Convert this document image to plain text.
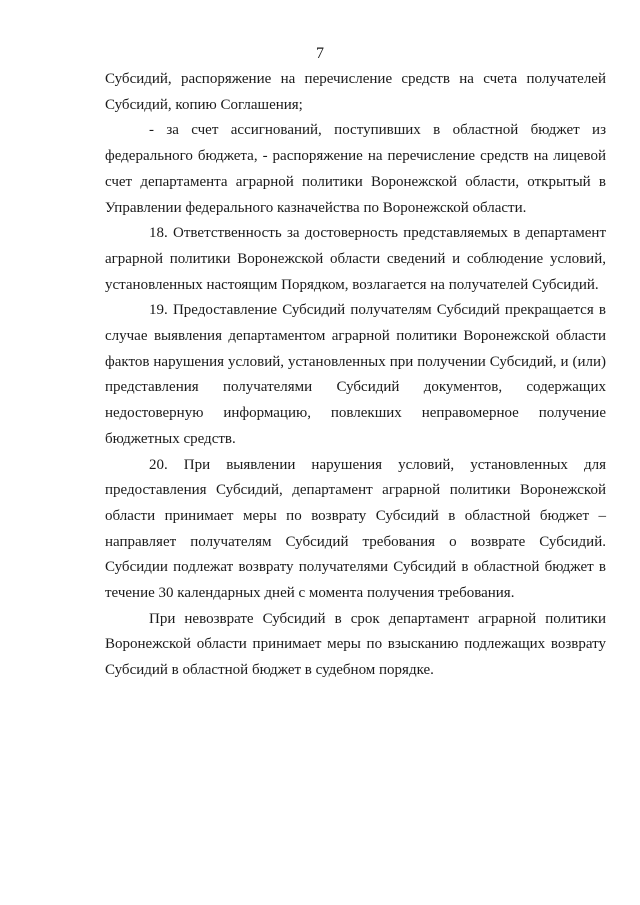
7

Субсидий, распоряжение на перечисление средств на счета получателей Субсидий, копию Соглашения;

- за счет ассигнований, поступивших в областной бюджет из федерального бюджета, - распоряжение на перечисление средств на лицевой счет департамента аграрной политики Воронежской области, открытый в Управлении федерального казначейства по Воронежской области.

18. Ответственность за достоверность представляемых в департамент аграрной политики Воронежской области сведений и соблюдение условий, установленных настоящим Порядком, возлагается на получателей Субсидий.

19. Предоставление Субсидий получателям Субсидий прекращается в случае выявления департаментом аграрной политики Воронежской области фактов нарушения условий, установленных при получении Субсидий, и (или) представления получателями Субсидий документов, содержащих недостоверную информацию, повлекших неправомерное получение бюджетных средств.

20. При выявлении нарушения условий, установленных для предоставления Субсидий, департамент аграрной политики Воронежской области принимает меры по возврату Субсидий в областной бюджет – направляет получателям Субсидий требования о возврате Субсидий. Субсидии подлежат возврату получателями Субсидий в областной бюджет в течение 30 календарных дней с момента получения требования.

При невозврате Субсидий в срок департамент аграрной политики Воронежской области принимает меры по взысканию подлежащих возврату Субсидий в областной бюджет в судебном порядке.
